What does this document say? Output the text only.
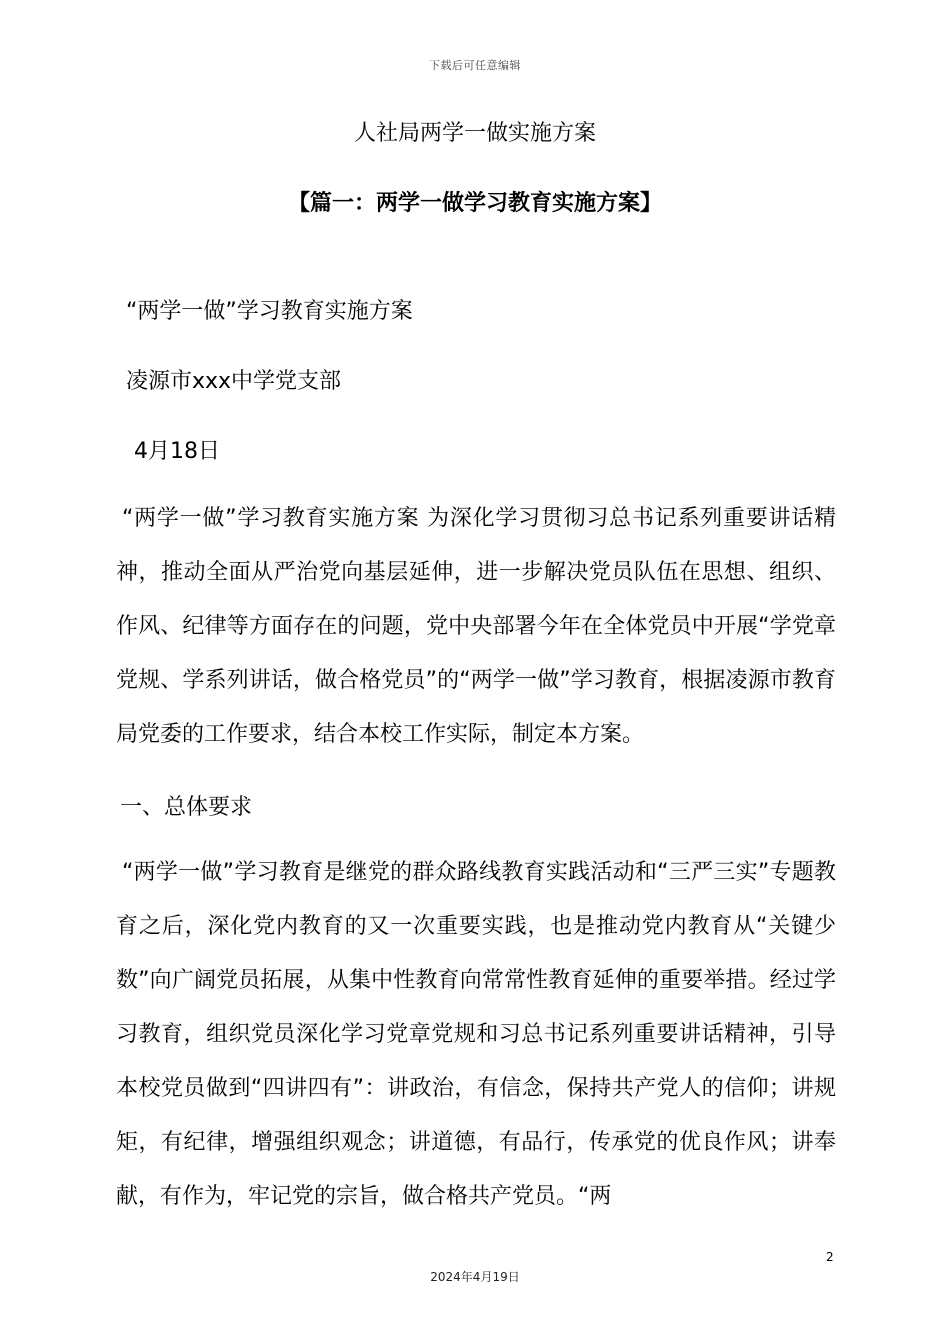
下载后可任意编辑
人社局两学一做实施方案
【篇一：两学一做学习教育实施方案】

“两学一做”学习教育实施方案

凌源市xxx中学党支部

4月18日

“两学一做”学习教育实施方案 为深化学习贯彻习总书记系列重要讲话精神，推动全面从严治党向基层延伸，进一步解决党员队伍在思想、组织、作风、纪律等方面存在的问题，党中央部署今年在全体党员中开展“学党章党规、学系列讲话，做合格党员”的“两学一做”学习教育，根据凌源市教育局党委的工作要求，结合本校工作实际，制定本方案。

一、总体要求

“两学一做”学习教育是继党的群众路线教育实践活动和“三严三实”专题教育之后，深化党内教育的又一次重要实践，也是推动党内教育从“关键少数”向广阔党员拓展，从集中性教育向常常性教育延伸的重要举措。经过学习教育，组织党员深化学习党章党规和习总书记系列重要讲话精神，引导本校党员做到“四讲四有”：讲政治，有信念，保持共产党人的信仰；讲规矩，有纪律，增强组织观念；讲道德，有品行，传承党的优良作风；讲奉献，有作为，牢记党的宗旨，做合格共产党员。“两

2
2024年4月19日
